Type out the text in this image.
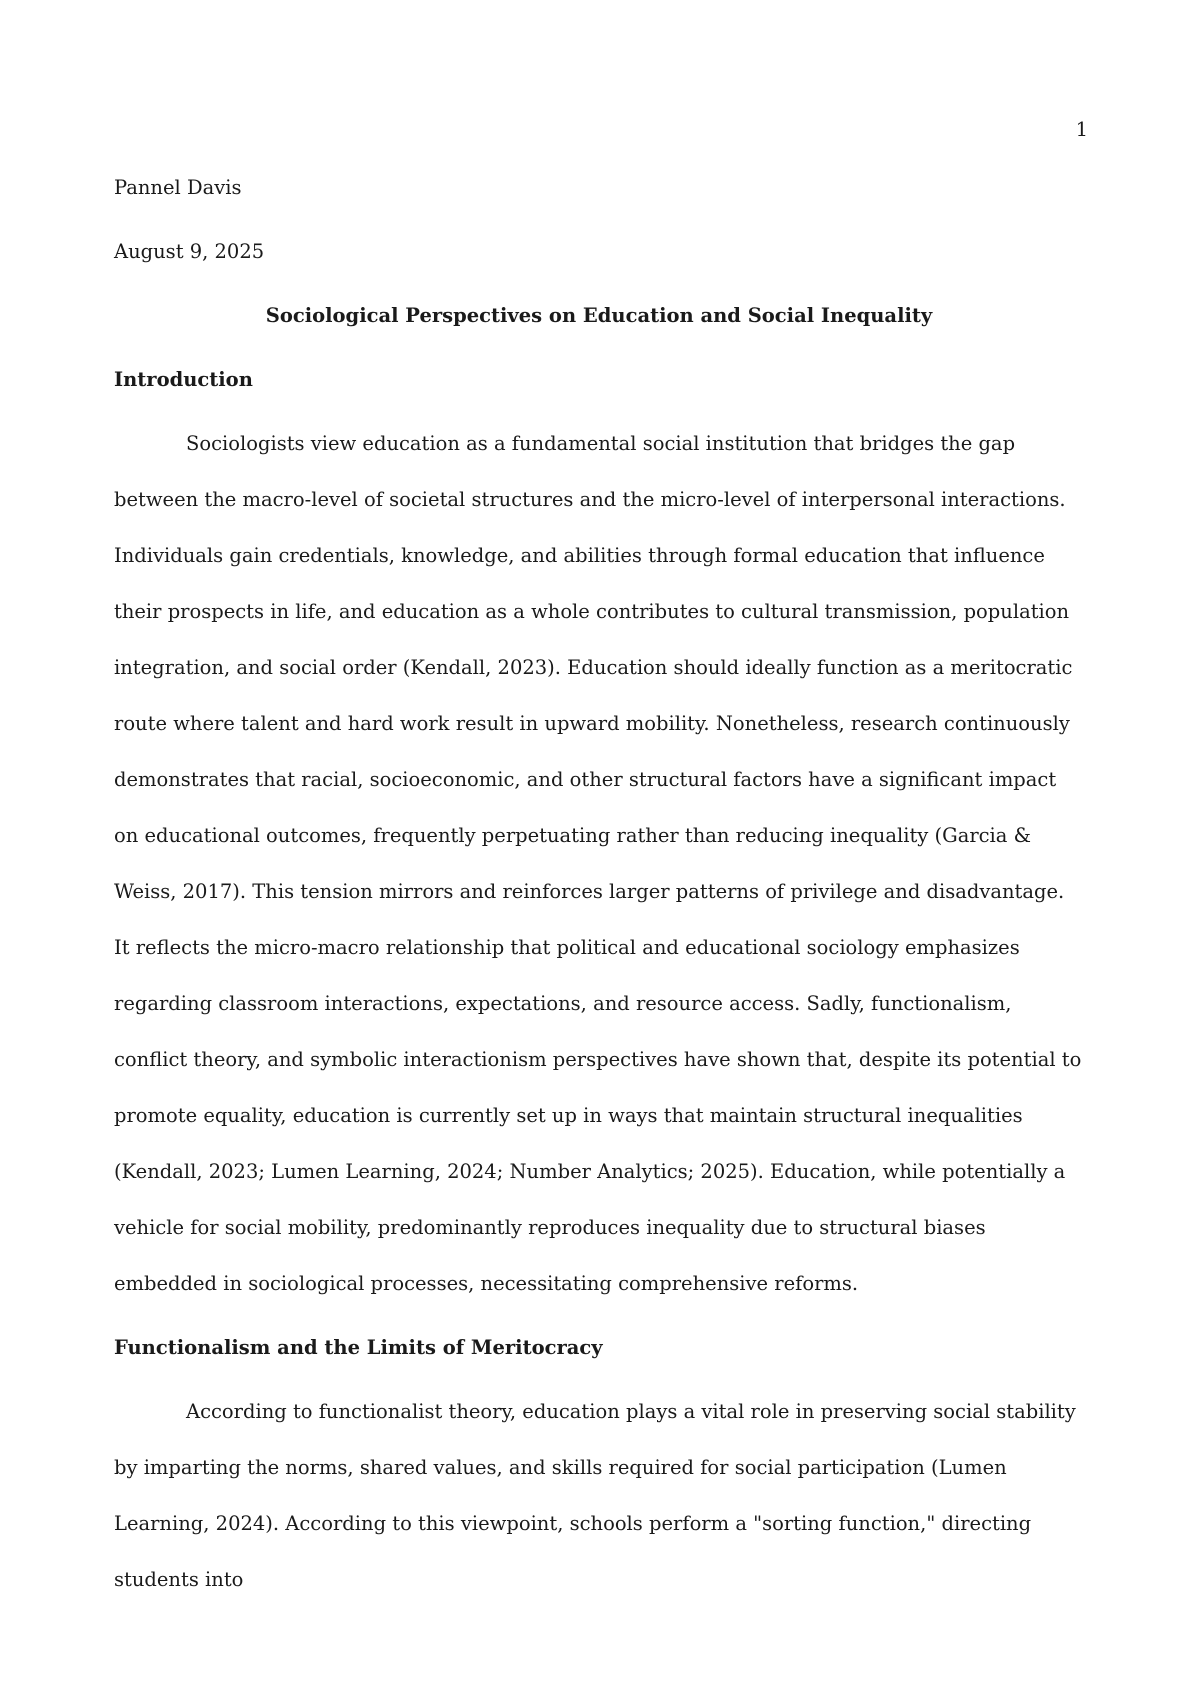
1

Pannel Davis

August 9, 2025

Sociological Perspectives on Education and Social Inequality

Introduction

Sociologists view education as a fundamental social institution that bridges the gap between the macro-level of societal structures and the micro-level of interpersonal interactions. Individuals gain credentials, knowledge, and abilities through formal education that influence their prospects in life, and education as a whole contributes to cultural transmission, population integration, and social order (Kendall, 2023). Education should ideally function as a meritocratic route where talent and hard work result in upward mobility. Nonetheless, research continuously demonstrates that racial, socioeconomic, and other structural factors have a significant impact on educational outcomes, frequently perpetuating rather than reducing inequality (Garcia & Weiss, 2017). This tension mirrors and reinforces larger patterns of privilege and disadvantage. It reflects the micro-macro relationship that political and educational sociology emphasizes regarding classroom interactions, expectations, and resource access. Sadly, functionalism, conflict theory, and symbolic interactionism perspectives have shown that, despite its potential to promote equality, education is currently set up in ways that maintain structural inequalities (Kendall, 2023; Lumen Learning, 2024; Number Analytics; 2025). Education, while potentially a vehicle for social mobility, predominantly reproduces inequality due to structural biases embedded in sociological processes, necessitating comprehensive reforms.

Functionalism and the Limits of Meritocracy

According to functionalist theory, education plays a vital role in preserving social stability by imparting the norms, shared values, and skills required for social participation (Lumen Learning, 2024). According to this viewpoint, schools perform a "sorting function," directing students into
